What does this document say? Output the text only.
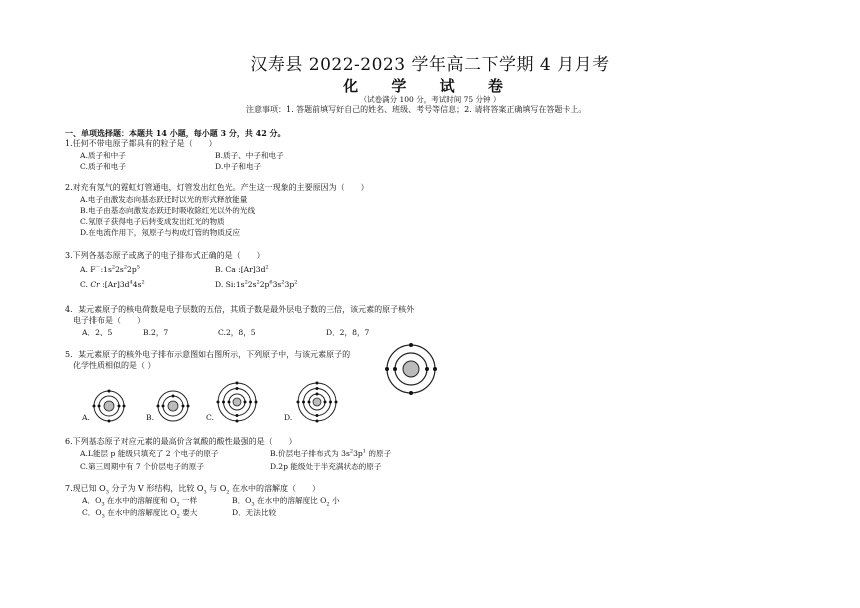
汉寿县 2022-2023 学年高二下学期 4 月月考
化 学 试 卷
（试卷满分 100 分，考试时间 75 分钟 ）
注意事项：1. 答题前填写好自己的姓名、班级、考号等信息；2. 请将答案正确填写在答题卡上。
一、单项选择题：本题共 14 小题，每小题 3 分，共 42 分。
1.任何不带电原子都具有的粒子是（　　）
A.质子和中子	B.质子、中子和电子
C.质子和电子	D.中子和电子
2.对充有氖气的霓虹灯管通电，灯管发出红色光。产生这一现象的主要原因为（　　）
A.电子由激发态向基态跃迁时以光的形式释放能量
B.电子由基态向激发态跃迁时吸收除红光以外的光线
C.氖原子获得电子后转变成发出红光的物质
D.在电流作用下，氖原子与构成灯管的物质反应
3.下列各基态原子或离子的电子排布式正确的是（　　）
A. $F^-:1s^22s^22p^5$	B. Ca $:[Ar]3d^2$
C. Cr $:[Ar]3d^44s^2$	D. $Si:1s^22s^22p^63s^23p^2$
4．某元素原子的核电荷数是电子层数的五倍，其质子数是最外层电子数的三倍，该元素的原子核外
电子排布是（　　）
A．2、5	B.2，7	C.2，8，5	D．2，8，7
5．某元素原子的核外电子排布示意图如右图所示，下列原子中，与该元素原子的
化学性质相似的是（ ）
A.	B.	C.	D.
6.下列基态原子对应元素的最高价含氧酸的酸性最强的是（　　）
A.L能层 p 能级只填充了 2 个电子的原子	B.价层电子排布式为 $3s^23p^1$ 的原子
C.第三周期中有 7 个价层电子的原子	D.2p 能级处于半充满状态的原子
7.现已知 $O_3$ 分子为 V 形结构，比较 $O_3$ 与 $O_2$ 在水中的溶解度（　　）
A．$O_3$ 在水中的溶解度和 $O_2$ 一样	B．$O_3$ 在水中的溶解度比 $O_2$ 小
C．$O_3$ 在水中的溶解度比 $O_2$ 要大	D．无法比较
